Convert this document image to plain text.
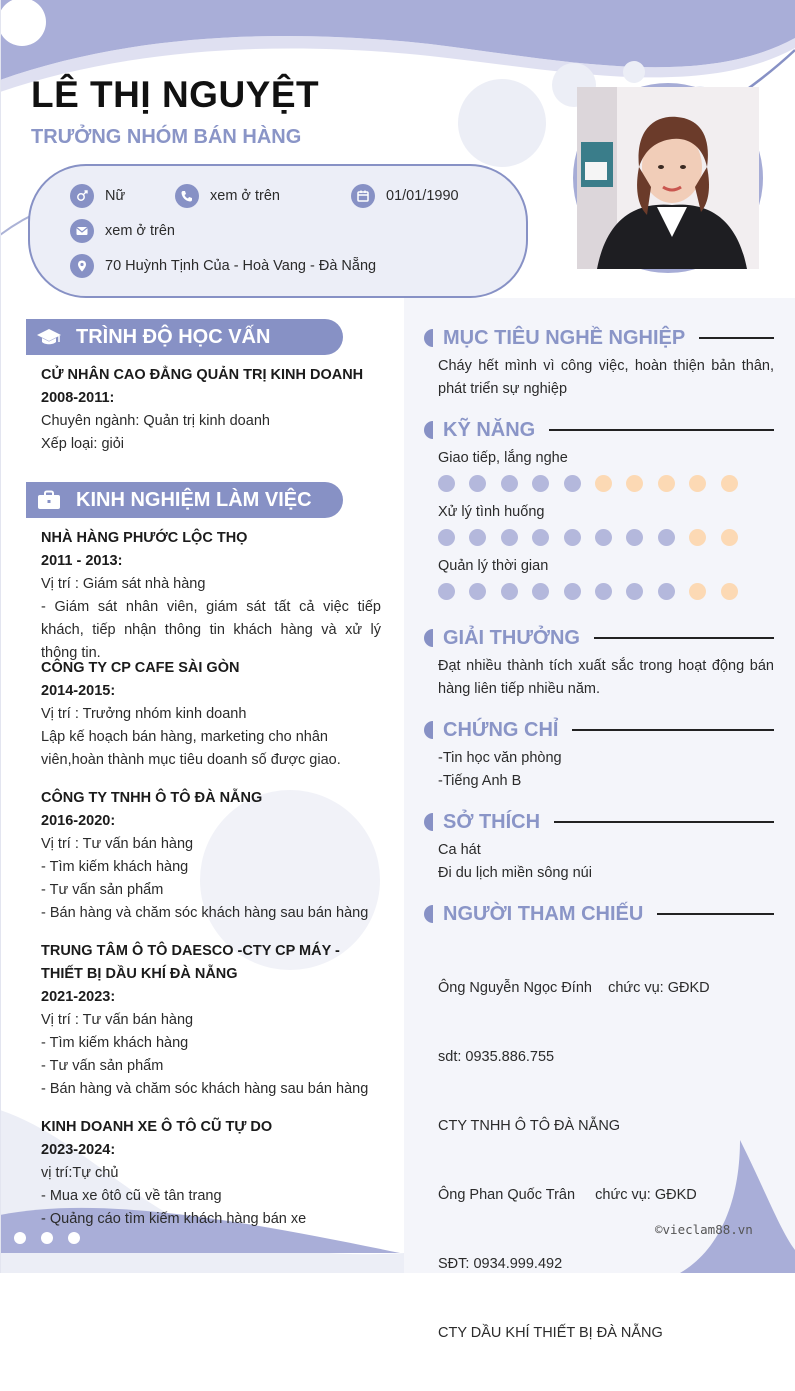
LÊ THỊ NGUYỆT
TRƯỞNG NHÓM BÁN HÀNG
Nữ	xem ở trên	01/01/1990
xem ở trên
70 Huỳnh Tịnh Của - Hoà Vang - Đà Nẵng
TRÌNH ĐỘ HỌC VẤN
CỬ NHÂN CAO ĐẲNG QUẢN TRỊ KINH DOANH
2008-2011:
Chuyên ngành: Quản trị kinh doanh
Xếp loại: giỏi
KINH NGHIỆM LÀM VIỆC
NHÀ HÀNG PHƯỚC LỘC THỌ
2011 - 2013:
Vị trí : Giám sát nhà hàng
- Giám sát nhân viên, giám sát tất cả việc tiếp khách, tiếp nhận thông tin khách hàng và xử lý thông tin.
CÔNG TY CP CAFE SÀI GÒN
2014-2015:
Vị trí : Trưởng nhóm kinh doanh
Lập kế hoạch bán hàng, marketing cho nhân viên,hoàn thành mục tiêu doanh số được giao.
CÔNG TY TNHH Ô TÔ ĐÀ NẴNG
2016-2020:
Vị trí : Tư vấn bán hàng
- Tìm kiếm khách hàng
- Tư vấn sản phẩm
- Bán hàng và chăm sóc khách hàng sau bán hàng
TRUNG TÂM Ô TÔ DAESCO -CTY CP MÁY - THIẾT BỊ DẦU KHÍ ĐÀ NẴNG
2021-2023:
Vị trí : Tư vấn bán hàng
- Tìm kiếm khách hàng
- Tư vấn sản phẩm
- Bán hàng và chăm sóc khách hàng sau bán hàng
KINH DOANH XE Ô TÔ CŨ TỰ DO
2023-2024:
vị trí:Tự chủ
- Mua xe ôtô cũ về tân trang
- Quảng cáo tìm kiếm khách hàng bán xe
MỤC TIÊU NGHỀ NGHIỆP
Cháy hết mình vì công việc, hoàn thiện bản thân, phát triển sự nghiệp
KỸ NĂNG
Giao tiếp, lắng nghe
Xử lý tình huống
Quản lý thời gian
GIẢI THƯỞNG
Đạt nhiều thành tích xuất sắc trong hoạt động bán hàng liên tiếp nhiều năm.
CHỨNG CHỈ
-Tin học văn phòng
-Tiếng Anh B
SỞ THÍCH
Ca hát
Đi du lịch miền sông núi
NGƯỜI THAM CHIẾU

Ông Nguyễn Ngọc Đính    chức vụ: GĐKD

sdt: 0935.886.755

CTY TNHH Ô TÔ ĐÀ NẴNG

Ông Phan Quốc Trân     chức vụ: GĐKD

SĐT: 0934.999.492

CTY DẦU KHÍ THIẾT BỊ ĐÀ NẴNG

©vieclam88.vn
